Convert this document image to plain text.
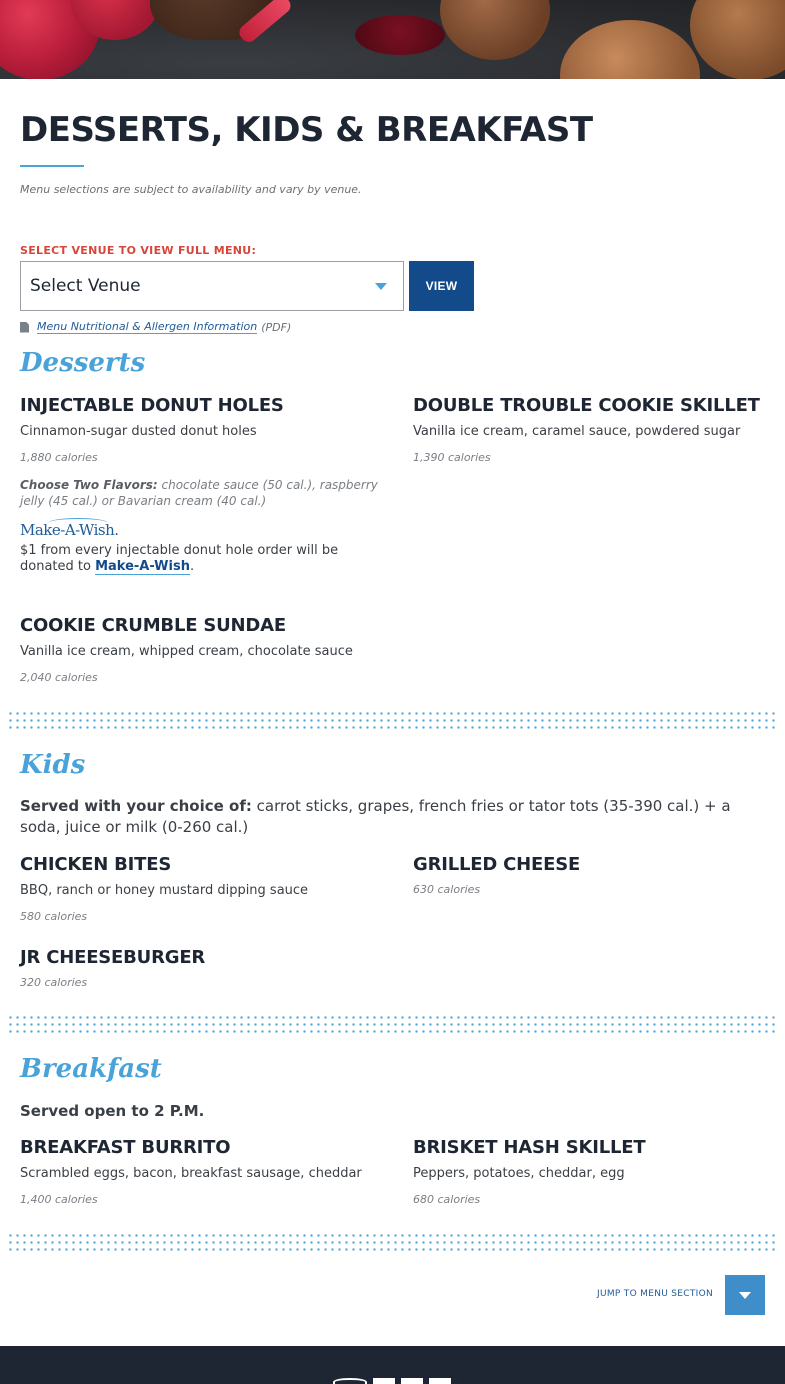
DESSERTS, KIDS & BREAKFAST

Menu selections are subject to availability and vary by venue.

SELECT VENUE TO VIEW FULL MENU:
Select Venue	VIEW
Menu Nutritional & Allergen Information (PDF)
Desserts
INJECTABLE DONUT HOLES
Cinnamon-sugar dusted donut holes
1,880 calories
Choose Two Flavors: chocolate sauce (50 cal.), raspberry jelly (45 cal.) or Bavarian cream (40 cal.)
Make-A-Wish.
$1 from every injectable donut hole order will be donated to Make-A-Wish.
DOUBLE TROUBLE COOKIE SKILLET
Vanilla ice cream, caramel sauce, powdered sugar
1,390 calories
COOKIE CRUMBLE SUNDAE
Vanilla ice cream, whipped cream, chocolate sauce
2,040 calories
Kids

Served with your choice of: carrot sticks, grapes, french fries or tator tots (35-390 cal.) + a soda, juice or milk (0-260 cal.)

CHICKEN BITES
BBQ, ranch or honey mustard dipping sauce
580 calories
GRILLED CHEESE
630 calories
JR CHEESEBURGER
320 calories
Breakfast

Served open to 2 P.M.

BREAKFAST BURRITO
Scrambled eggs, bacon, breakfast sausage, cheddar
1,400 calories
BRISKET HASH SKILLET
Peppers, potatoes, cheddar, egg
680 calories
JUMP TO MENU SECTION
